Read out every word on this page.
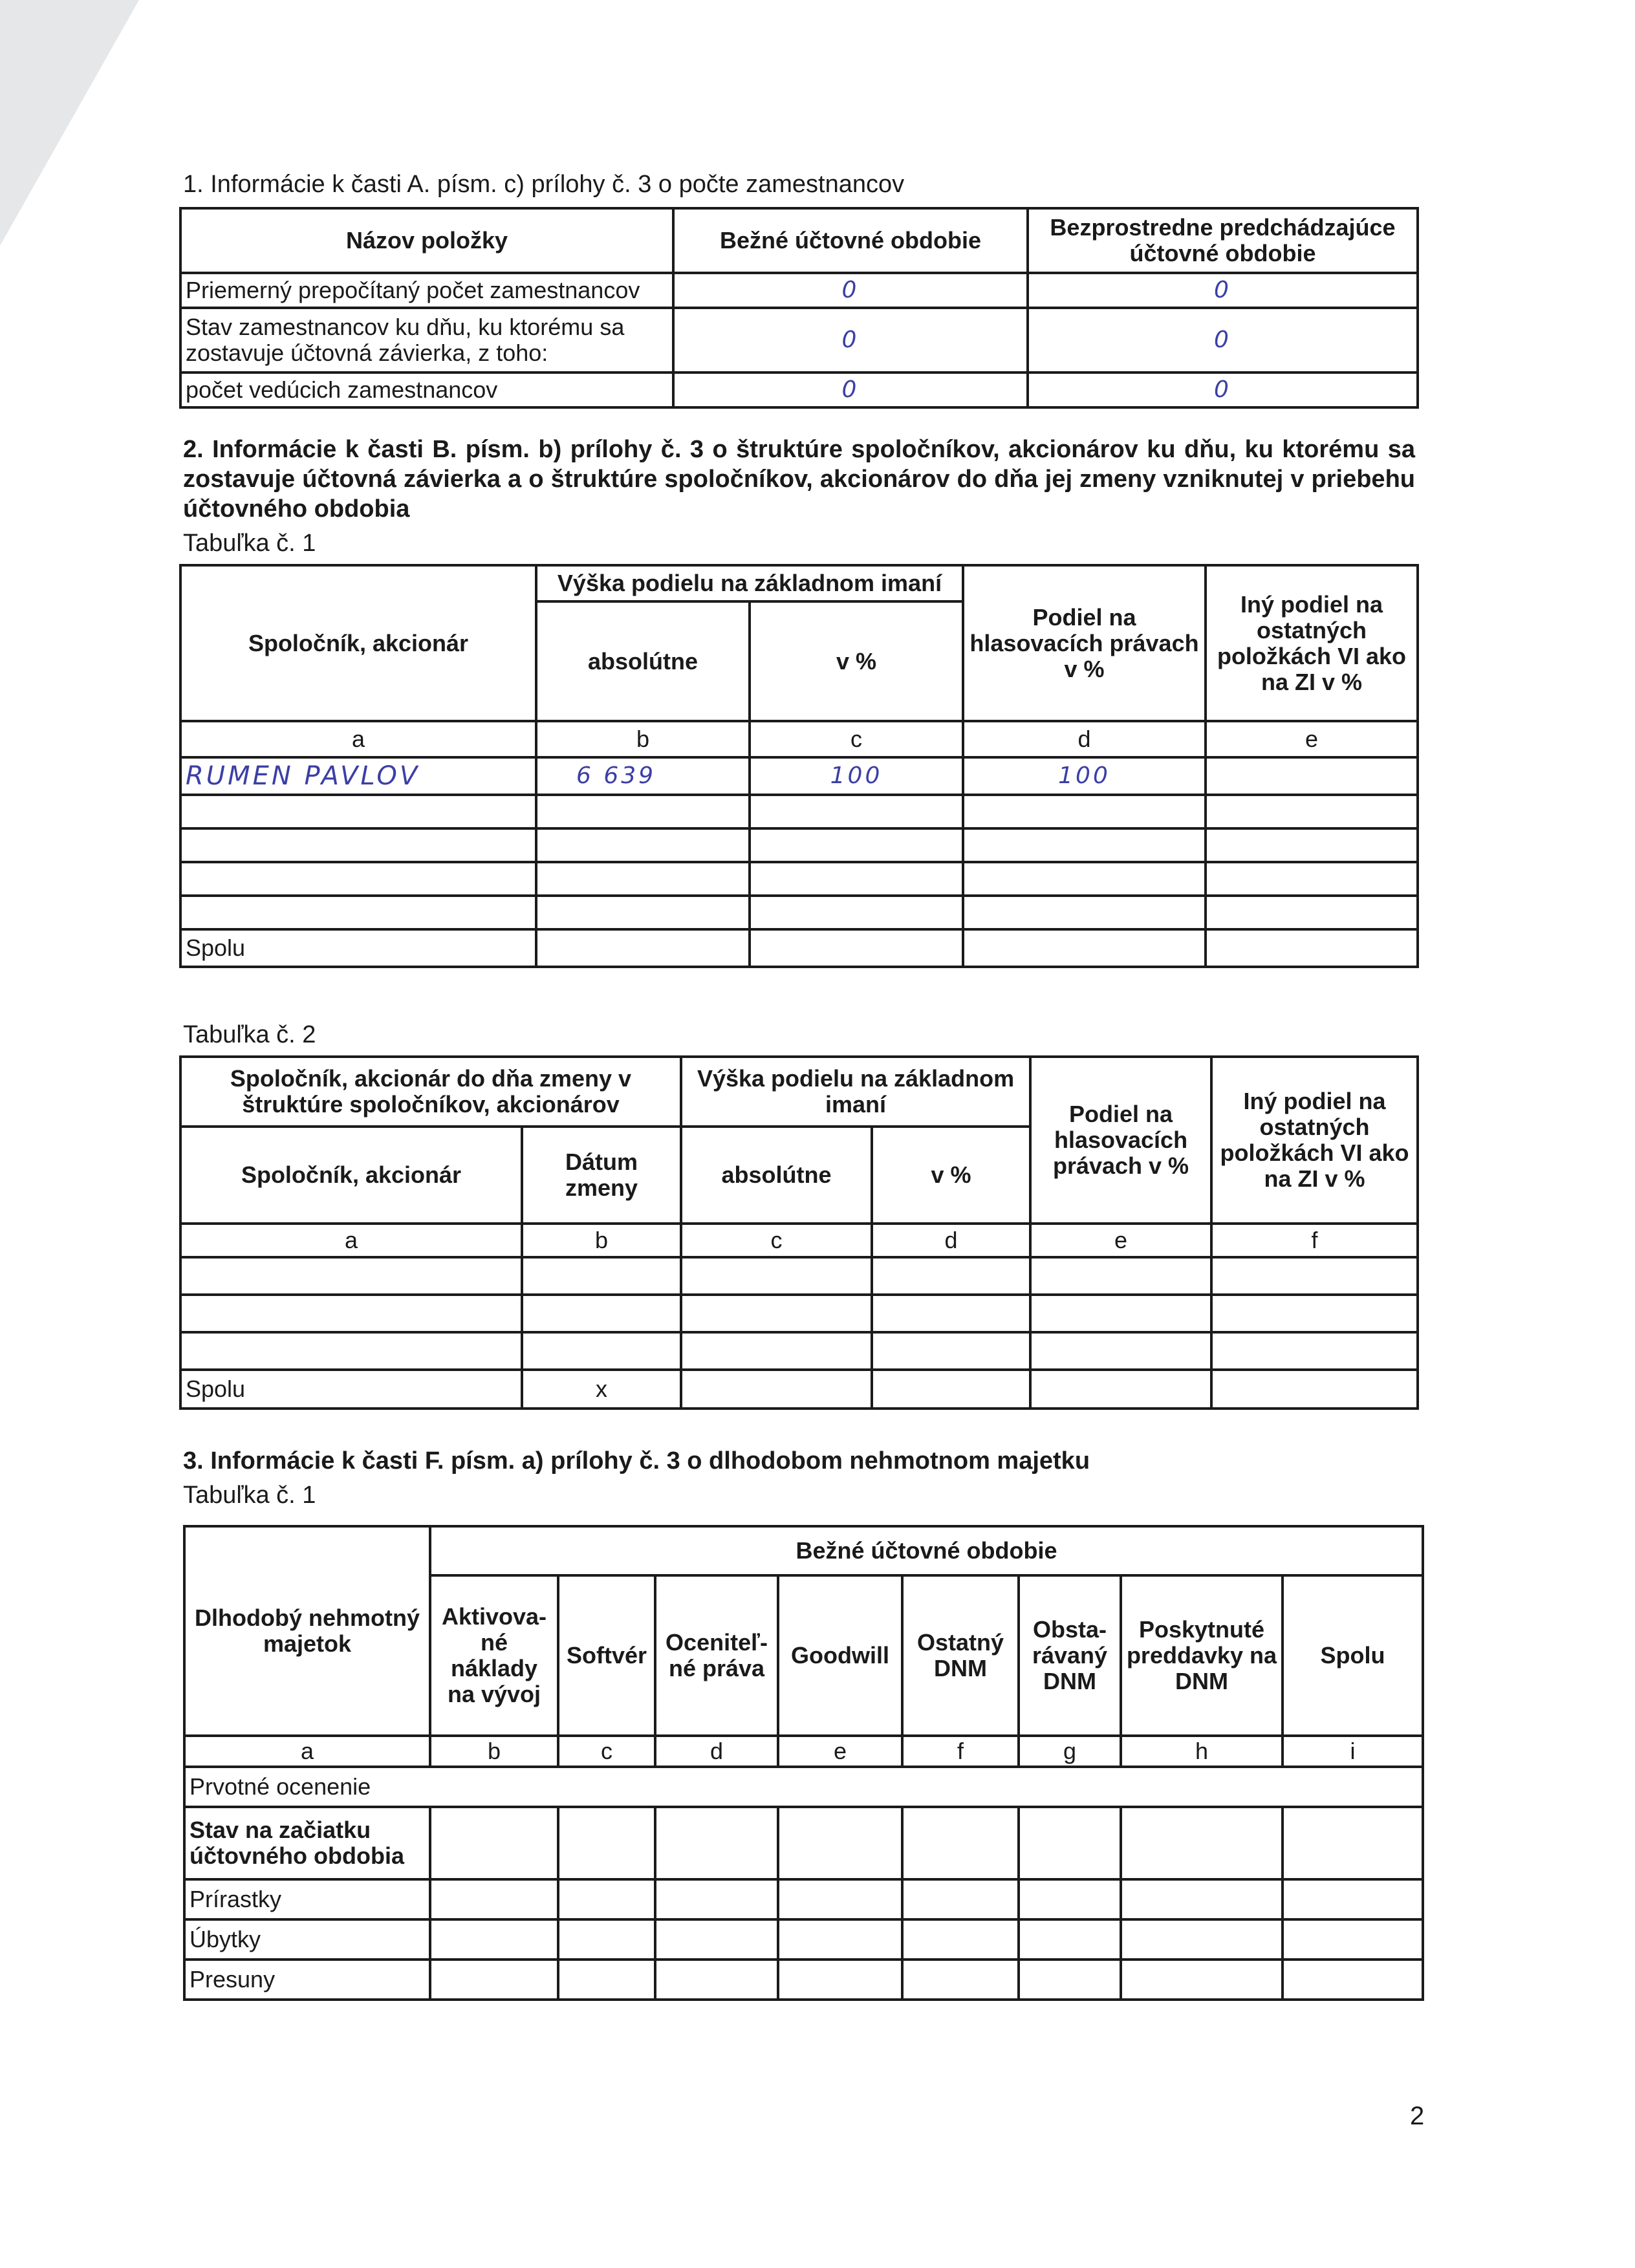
1. Informácie k časti A. písm. c) prílohy č. 3 o počte zamestnancov
Názov položky	Bežné účtovné obdobie	Bezprostredne predchádzajúce účtovné obdobie
Priemerný prepočítaný počet zamestnancov	0	0
Stav zamestnancov ku dňu, ku ktorému sa zostavuje účtovná závierka, z toho:	0	0
počet vedúcich zamestnancov	0	0
2. Informácie k časti B. písm. b) prílohy č. 3 o štruktúre spoločníkov, akcionárov ku dňu, ku ktorému sa zostavuje účtovná závierka a o štruktúre spoločníkov, akcionárov do dňa jej zmeny vzniknutej v priebehu účtovného obdobia
Tabuľka č. 1
Spoločník, akcionár	Výška podielu na základnom imaní		Podiel na hlasovacích právach v %	Iný podiel na ostatných položkách VI ako na ZI v %
	absolútne	v %		
a	b	c	d	e
RUMEN PAVLOV	6 639	100	100	

Spolu				
Tabuľka č. 2
Spoločník, akcionár do dňa zmeny v štruktúre spoločníkov, akcionárov		Výška podielu na základnom imaní		Podiel na hlasovacích právach v %	Iný podiel na ostatných položkách VI ako na ZI v %
Spoločník, akcionár	Dátum zmeny	absolútne	v %		
a	b	c	d	e	f

Spolu	x				
3. Informácie k časti F. písm. a) prílohy č. 3 o dlhodobom nehmotnom majetku
Tabuľka č. 1
Dlhodobý nehmotný majetok	Bežné účtovné obdobie							
	Aktivova-né náklady na vývoj	Softvér	Oceniteľ-né práva	Goodwill	Ostatný DNM	Obsta-rávaný DNM	Poskytnuté preddavky na DNM	Spolu
a	b	c	d	e	f	g	h	i
Prvotné ocenenie								
Stav na začiatku účtovného obdobia								
Prírastky								
Úbytky								
Presuny								
2
